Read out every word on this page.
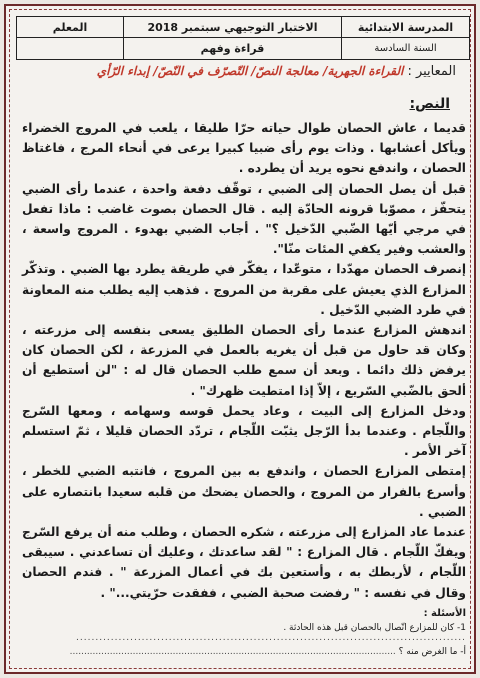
المدرسة الابتدائية
السنة السادسة
الاختبار التوجيهي سبتمبر 2018
قراءة وفهم
المعلم
المعايير : القراءة الجهرية/ معالجة النصّ/ التّصرّف في النّصّ/ إبداء الرّأي
النص:

قديما ، عاش الحصان طوال حياته حرّا طليقا ، يلعب في المروج الخضراء ويأكل أعشابها . وذات يوم رأى ضبيا كبيرا يرعى في أنحاء المرج ، فاغتاظ الحصان ، واندفع نحوه يريد أن يطرده .

قبل أن يصل الحصان إلى الضبي ، توقّف دفعة واحدة ، عندما رأى الضبي يتحفّز ، مصوّبا قرونه الحادّة إليه . قال الحصان بصوت غاضب : ماذا تفعل في مرجي أيّها الضّبي الدّخيل ؟" . أجاب الضبي بهدوء . المروج واسعة ، والعشب وفير يكفي المئات منّا".

إنصرف الحصان مهدّدا ، متوعّدا ، يفكّر في طريقة يطرد بها الضبي . وتذكّر المزارع الذي يعيش على مقربة من المروج . فذهب إليه يطلب منه المعاونة في طرد الضبي الدّخيل .

اندهش المزارع عندما رأى الحصان الطليق يسعى بنفسه إلى مزرعته ، وكان قد حاول من قبل أن يغريه بالعمل في المزرعة ، لكن الحصان كان يرفض ذلك دائما . وبعد أن سمع طلب الحصان قال له : "لن أستطيع أن ألحق بالضّبي السّريع ، إلاّ إذا امتطيت ظهرك" .

ودخل المزارع إلى البيت ، وعاد يحمل قوسه وسهامه ، ومعها السّرج واللّجام . وعندما بدأ الرّجل يثبّت اللّجام ، تردّد الحصان قليلا ، ثمّ استسلم آخر الأمر .

إمتطى المزارع الحصان ، واندفع به بين المروج ، فانتبه الضبي للخطر ، وأسرع بالفرار من المروج ، والحصان يضحك من قلبه سعيدا بانتصاره على الضبي .

عندما عاد المزارع إلى مزرعته ، شكره الحصان ، وطلب منه أن يرفع السّرج ويفكّ اللّجام . قال المزارع : " لقد ساعدتك ، وعليك أن تساعدني . سيبقى اللّجام ، لأربطك به ، وأستعين بك في أعمال المزرعة " . فندم الحصان وقال في نفسه : " رفضت صحبة الضبي ، ففقدت حرّيتي..." .

الأسئلة :
1- كان للمزارع اتّصال بالحصان قبل هذه الحادثة .
.....................................................................................................
أ- ما الغرض منه ؟ ..................................................................................................................
